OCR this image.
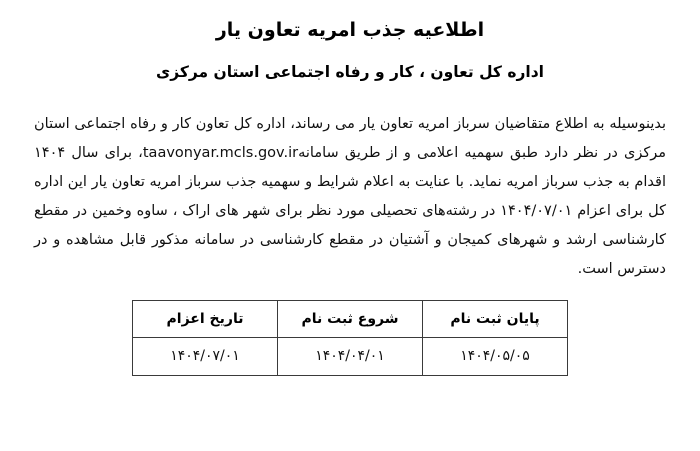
اطلاعیه جذب امریه تعاون یار
اداره کل تعاون ، کار و رفاه اجتماعی استان مرکزی
بدینوسیله به اطلاع متقاضیان سرباز امریه تعاون یار می رساند، اداره کل تعاون کار و رفاه اجتماعی استان مرکزی در نظر دارد طبق سهمیه اعلامی و از طریق سامانهtaavonyar.mcls.gov.ir، برای سال ۱۴۰۴ اقدام به جذب سرباز امریه نماید. با عنایت به اعلام شرایط و سهمیه جذب سرباز امریه تعاون یار این اداره کل برای اعزام ۱۴۰۴/۰۷/۰۱ در رشته‌های تحصیلی مورد نظر برای شهر های اراک ، ساوه وخمین در مقطع کارشناسی ارشد و شهرهای کمیجان و آشتیان در مقطع کارشناسی در سامانه مذکور قابل مشاهده و در دسترس است.
پایان ثبت نام	شروع ثبت نام	تاریخ اعزام
۱۴۰۴/۰۵/۰۵	۱۴۰۴/۰۴/۰۱	۱۴۰۴/۰۷/۰۱
